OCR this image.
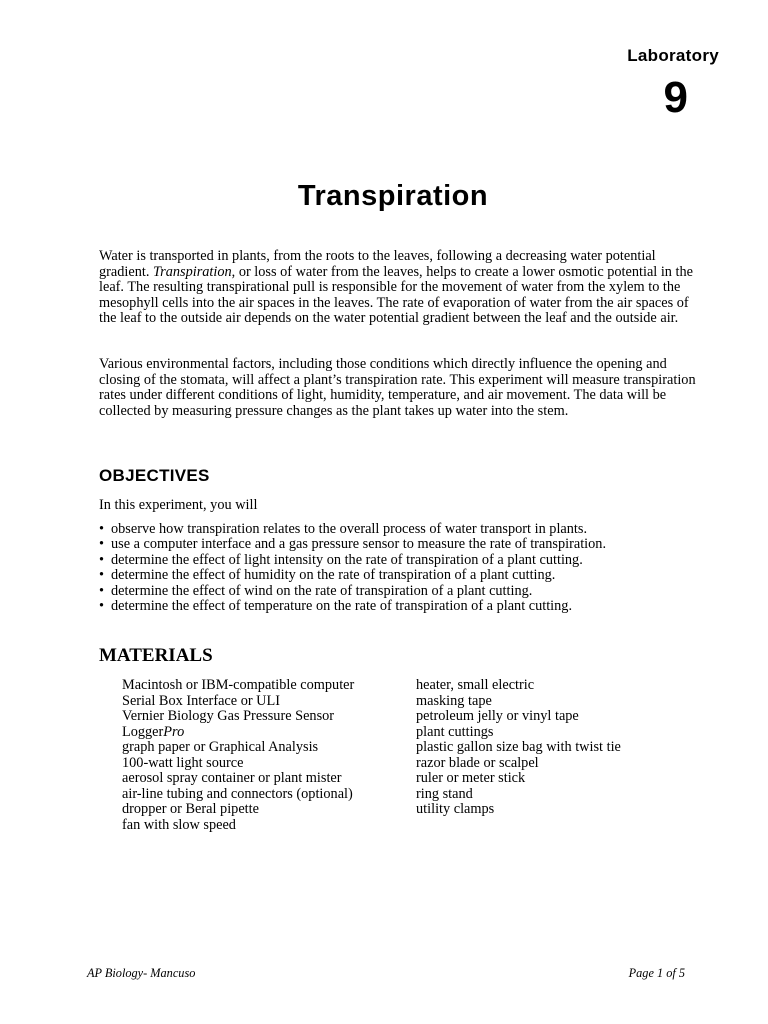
Laboratory
9
Transpiration

Water is transported in plants, from the roots to the leaves, following a decreasing water potential gradient. Transpiration, or loss of water from the leaves, helps to create a lower osmotic potential in the leaf. The resulting transpirational pull is responsible for the movement of water from the xylem to the mesophyll cells into the air spaces in the leaves. The rate of evaporation of water from the air spaces of the leaf to the outside air depends on the water potential gradient between the leaf and the outside air.

Various environmental factors, including those conditions which directly influence the opening and closing of the stomata, will affect a plant’s transpiration rate. This experiment will measure transpiration rates under different conditions of light, humidity, temperature, and air movement. The data will be collected by measuring pressure changes as the plant takes up water into the stem.

OBJECTIVES
In this experiment, you will
• observe how transpiration relates to the overall process of water transport in plants.
• use a computer interface and a gas pressure sensor to measure the rate of transpiration.
• determine the effect of light intensity on the rate of transpiration of a plant cutting.
• determine the effect of humidity on the rate of transpiration of a plant cutting.
• determine the effect of wind on the rate of transpiration of a plant cutting.
• determine the effect of temperature on the rate of transpiration of a plant cutting.
MATERIALS
Macintosh or IBM-compatible computer
Serial Box Interface or ULI
Vernier Biology Gas Pressure Sensor
LoggerPro
graph paper or Graphical Analysis
100-watt light source
aerosol spray container or plant mister
air-line tubing and connectors (optional)
dropper or Beral pipette
fan with slow speed
heater, small electric
masking tape
petroleum jelly or vinyl tape
plant cuttings
plastic gallon size bag with twist tie
razor blade or scalpel
ruler or meter stick
ring stand
utility clamps
AP Biology- Mancuso	Page 1 of 5
